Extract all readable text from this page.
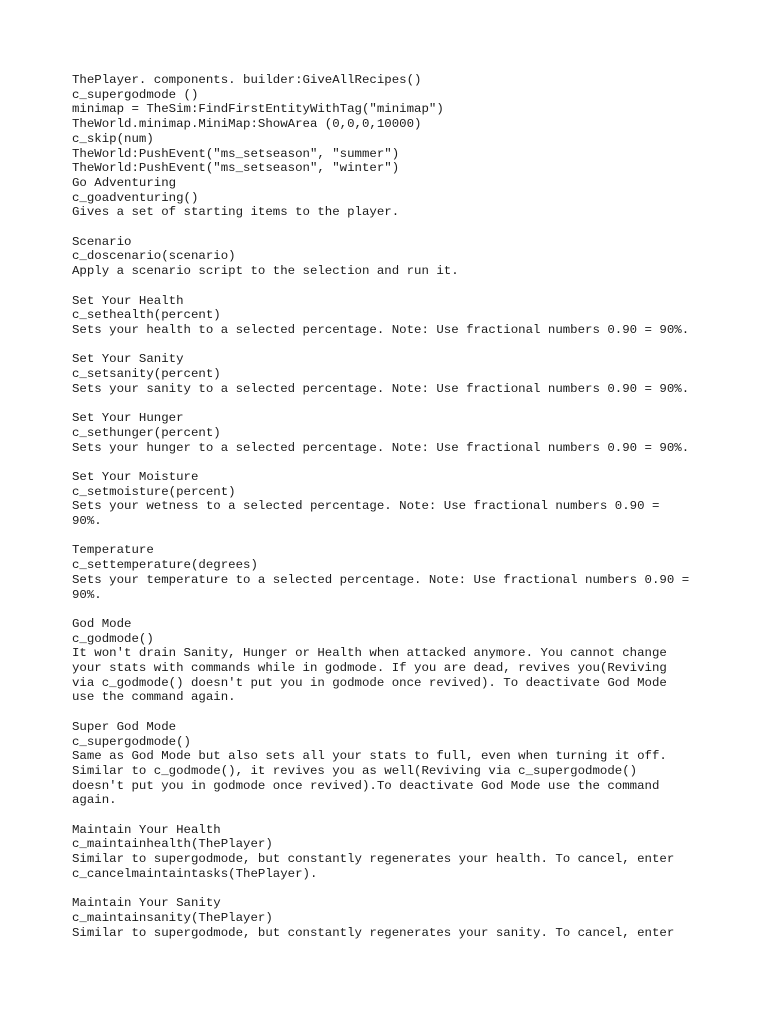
ThePlayer. components. builder:GiveAllRecipes()
c_supergodmode ()
minimap = TheSim:FindFirstEntityWithTag("minimap")
TheWorld.minimap.MiniMap:ShowArea (0,0,0,10000)
c_skip(num)
TheWorld:PushEvent("ms_setseason", "summer")
TheWorld:PushEvent("ms_setseason", "winter")
Go Adventuring
c_goadventuring()
Gives a set of starting items to the player.
Scenario
c_doscenario(scenario)
Apply a scenario script to the selection and run it.
Set Your Health
c_sethealth(percent)
Sets your health to a selected percentage. Note: Use fractional numbers 0.90 = 90%.
Set Your Sanity
c_setsanity(percent)
Sets your sanity to a selected percentage. Note: Use fractional numbers 0.90 = 90%.
Set Your Hunger
c_sethunger(percent)
Sets your hunger to a selected percentage. Note: Use fractional numbers 0.90 = 90%.
Set Your Moisture
c_setmoisture(percent)
Sets your wetness to a selected percentage. Note: Use fractional numbers 0.90 =
90%.
Temperature
c_settemperature(degrees)
Sets your temperature to a selected percentage. Note: Use fractional numbers 0.90 =
90%.
God Mode
c_godmode()
It won't drain Sanity, Hunger or Health when attacked anymore. You cannot change
your stats with commands while in godmode. If you are dead, revives you(Reviving
via c_godmode() doesn't put you in godmode once revived). To deactivate God Mode
use the command again.
Super God Mode
c_supergodmode()
Same as God Mode but also sets all your stats to full, even when turning it off.
Similar to c_godmode(), it revives you as well(Reviving via c_supergodmode()
doesn't put you in godmode once revived).To deactivate God Mode use the command
again.
Maintain Your Health
c_maintainhealth(ThePlayer)
Similar to supergodmode, but constantly regenerates your health. To cancel, enter
c_cancelmaintaintasks(ThePlayer).
Maintain Your Sanity
c_maintainsanity(ThePlayer)
Similar to supergodmode, but constantly regenerates your sanity. To cancel, enter
